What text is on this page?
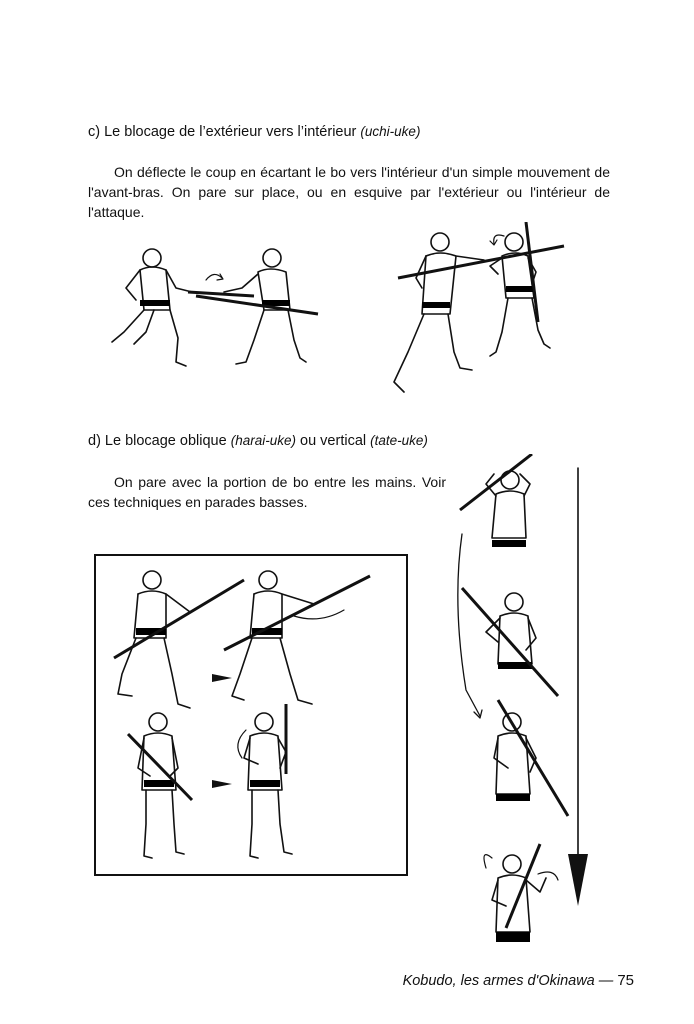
c) Le blocage de l’extérieur vers l’intérieur (uchi-uke)

On déflecte le coup en écartant le bo vers l'intérieur d'un simple mouvement de l'avant-bras. On pare sur place, ou en esquive par l'extérieur ou l'intérieur de l'attaque.

d) Le blocage oblique (harai-uke) ou vertical (tate-uke)

On pare avec la portion de bo entre les mains. Voir ces techniques en parades basses.

Kobudo, les armes d'Okinawa — 75
